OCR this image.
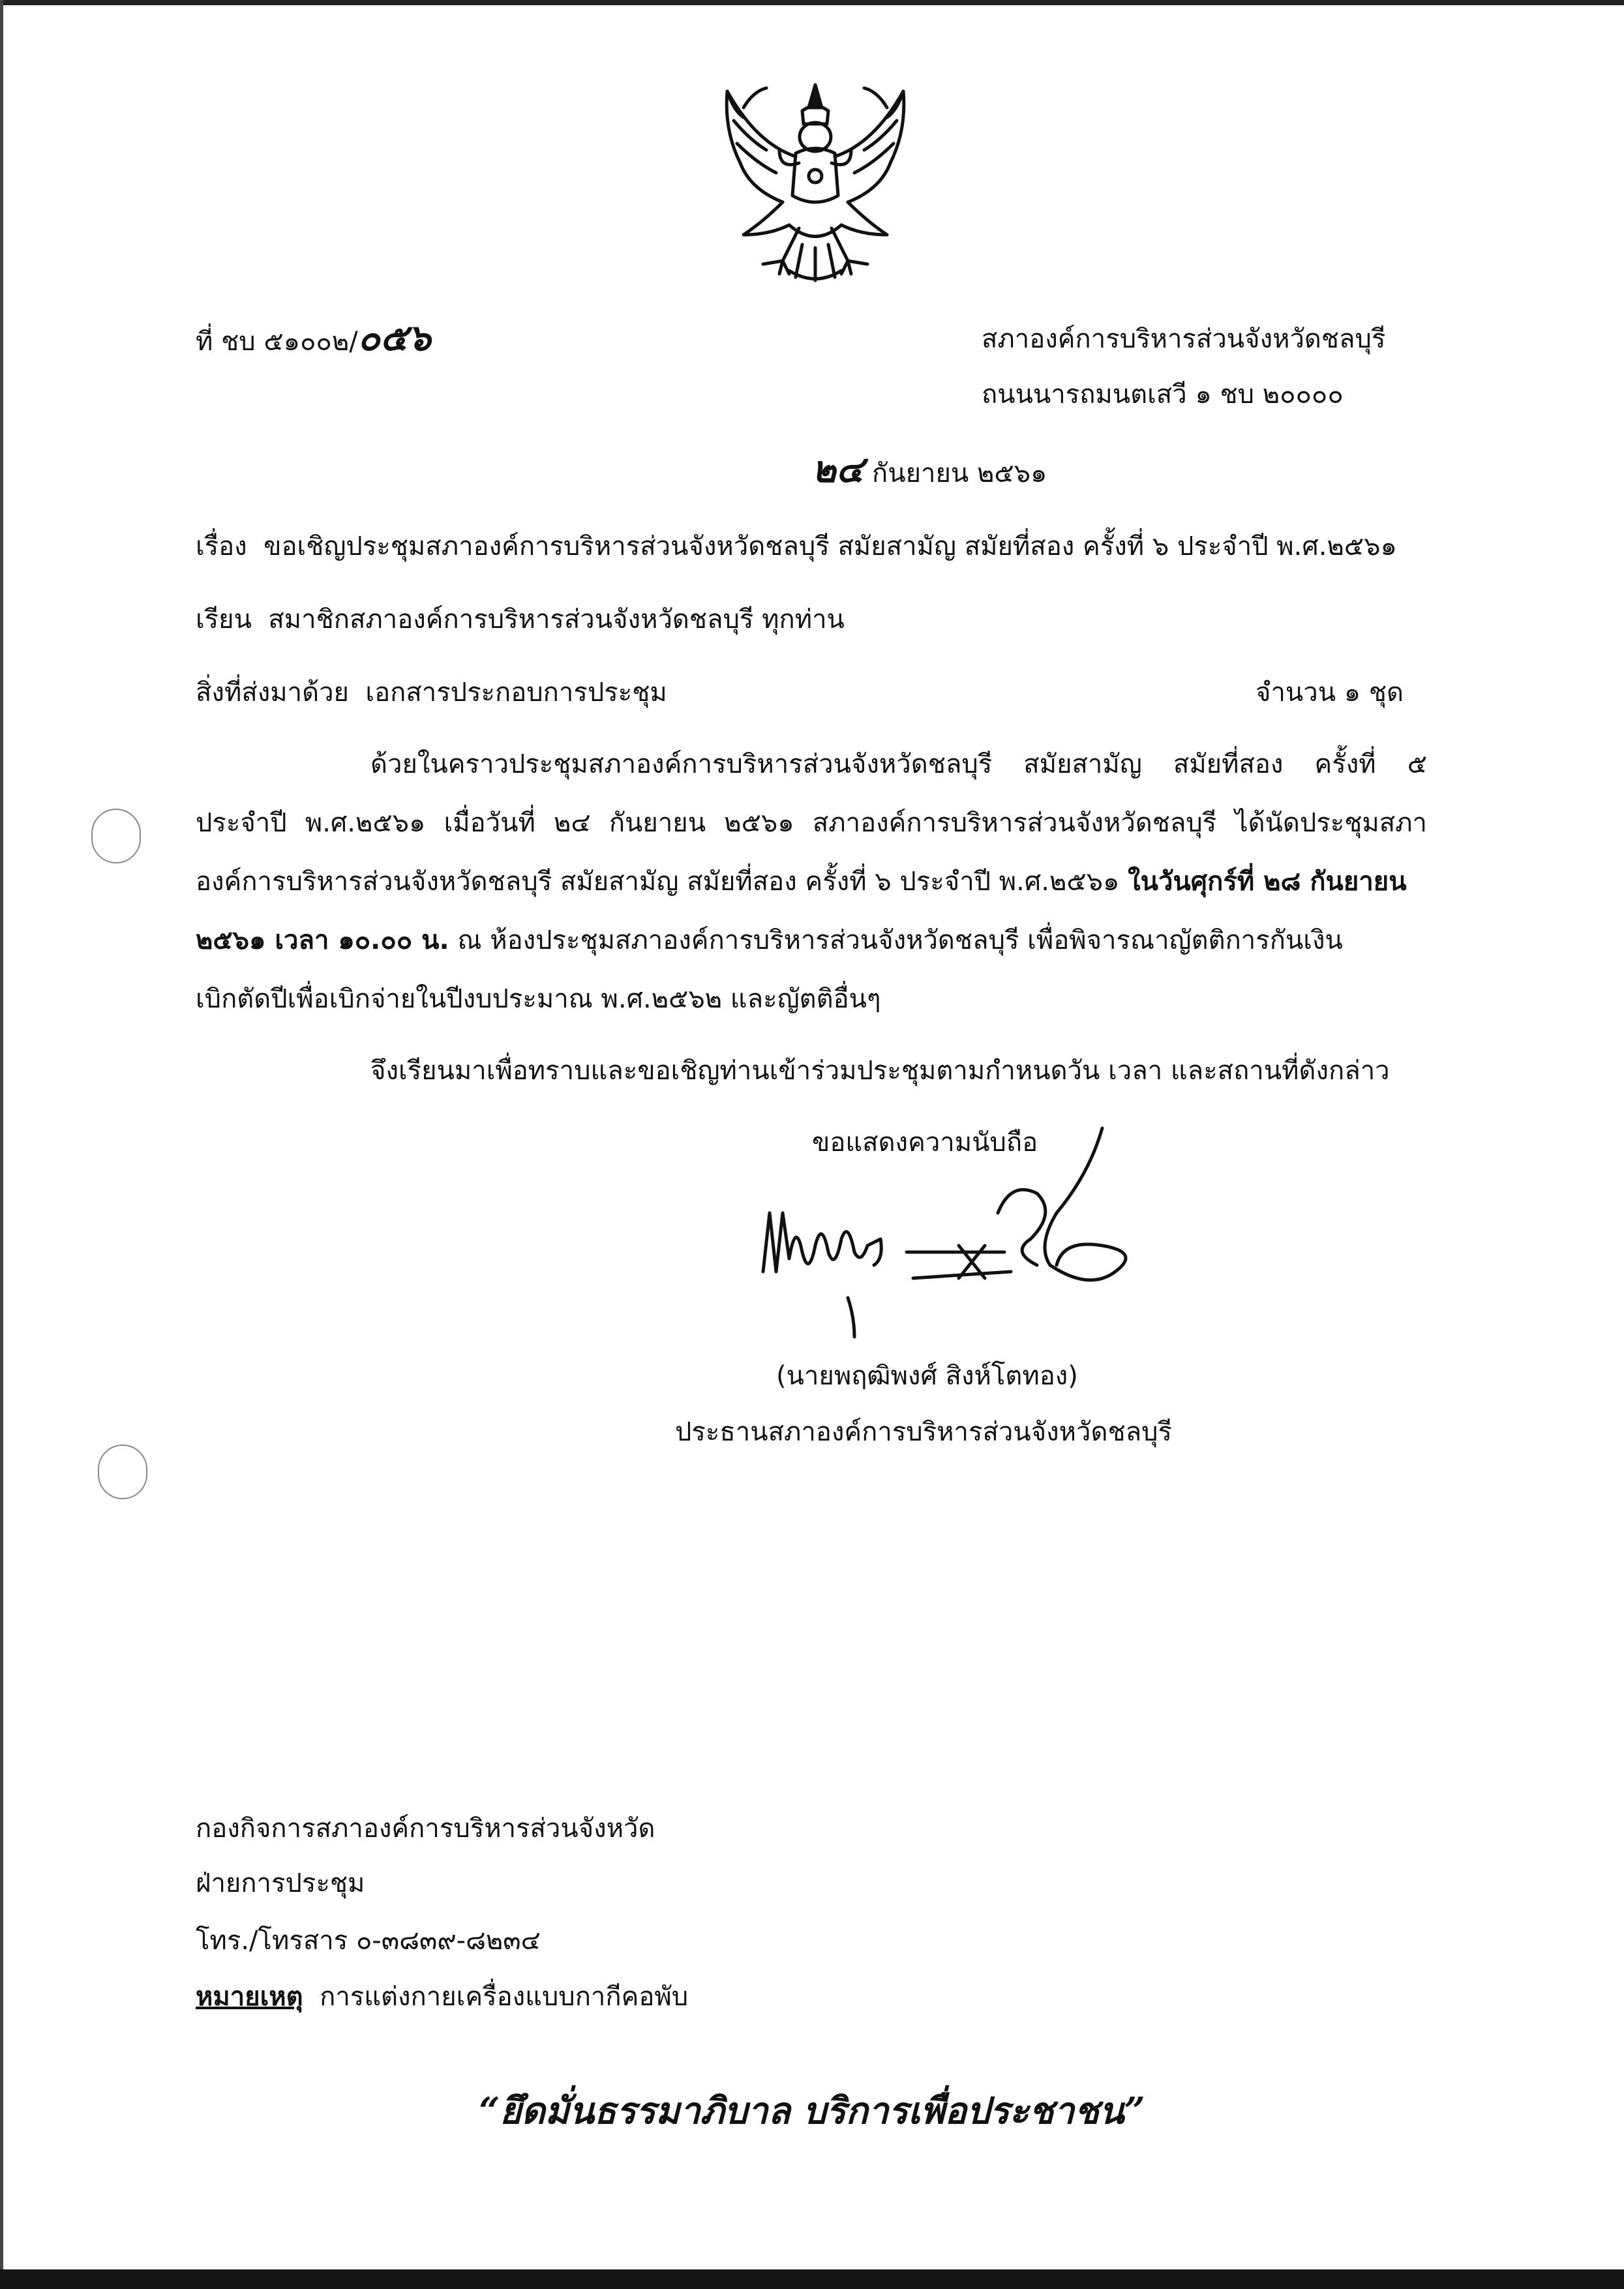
ที่ ชบ ๕๑๐๐๒/๐๕๖	สภาองค์การบริหารส่วนจังหวัดชลบุรี
ถนนนารถมนตเสวี ๑ ชบ ๒๐๐๐๐
๒๔ กันยายน ๒๕๖๑
เรื่อง ขอเชิญประชุมสภาองค์การบริหารส่วนจังหวัดชลบุรี สมัยสามัญ สมัยที่สอง ครั้งที่ ๖ ประจำปี พ.ศ.๒๕๖๑
เรียน สมาชิกสภาองค์การบริหารส่วนจังหวัดชลบุรี ทุกท่าน
สิ่งที่ส่งมาด้วย เอกสารประกอบการประชุม	จำนวน ๑ ชุด
ด้วยในคราวประชุมสภาองค์การบริหารส่วนจังหวัดชลบุรี สมัยสามัญ สมัยที่สอง ครั้งที่ ๕
ประจำปี พ.ศ.๒๕๖๑ เมื่อวันที่ ๒๔ กันยายน ๒๕๖๑ สภาองค์การบริหารส่วนจังหวัดชลบุรี ได้นัดประชุมสภา
องค์การบริหารส่วนจังหวัดชลบุรี สมัยสามัญ สมัยที่สอง ครั้งที่ ๖ ประจำปี พ.ศ.๒๕๖๑ ในวันศุกร์ที่ ๒๘ กันยายน
๒๕๖๑ เวลา ๑๐.๐๐ น. ณ ห้องประชุมสภาองค์การบริหารส่วนจังหวัดชลบุรี เพื่อพิจารณาญัตติการกันเงิน
เบิกตัดปีเพื่อเบิกจ่ายในปีงบประมาณ พ.ศ.๒๕๖๒ และญัตติอื่นๆ
จึงเรียนมาเพื่อทราบและขอเชิญท่านเข้าร่วมประชุมตามกำหนดวัน เวลา และสถานที่ดังกล่าว
ขอแสดงความนับถือ
(นายพฤฒิพงศ์ สิงห์โตทอง)
ประธานสภาองค์การบริหารส่วนจังหวัดชลบุรี
กองกิจการสภาองค์การบริหารส่วนจังหวัด
ฝ่ายการประชุม
โทร./โทรสาร ๐-๓๘๓๙-๘๒๓๔
หมายเหตุ การแต่งกายเครื่องแบบกากีคอพับ
“ยึดมั่นธรรมาภิบาล บริการเพื่อประชาชน”
